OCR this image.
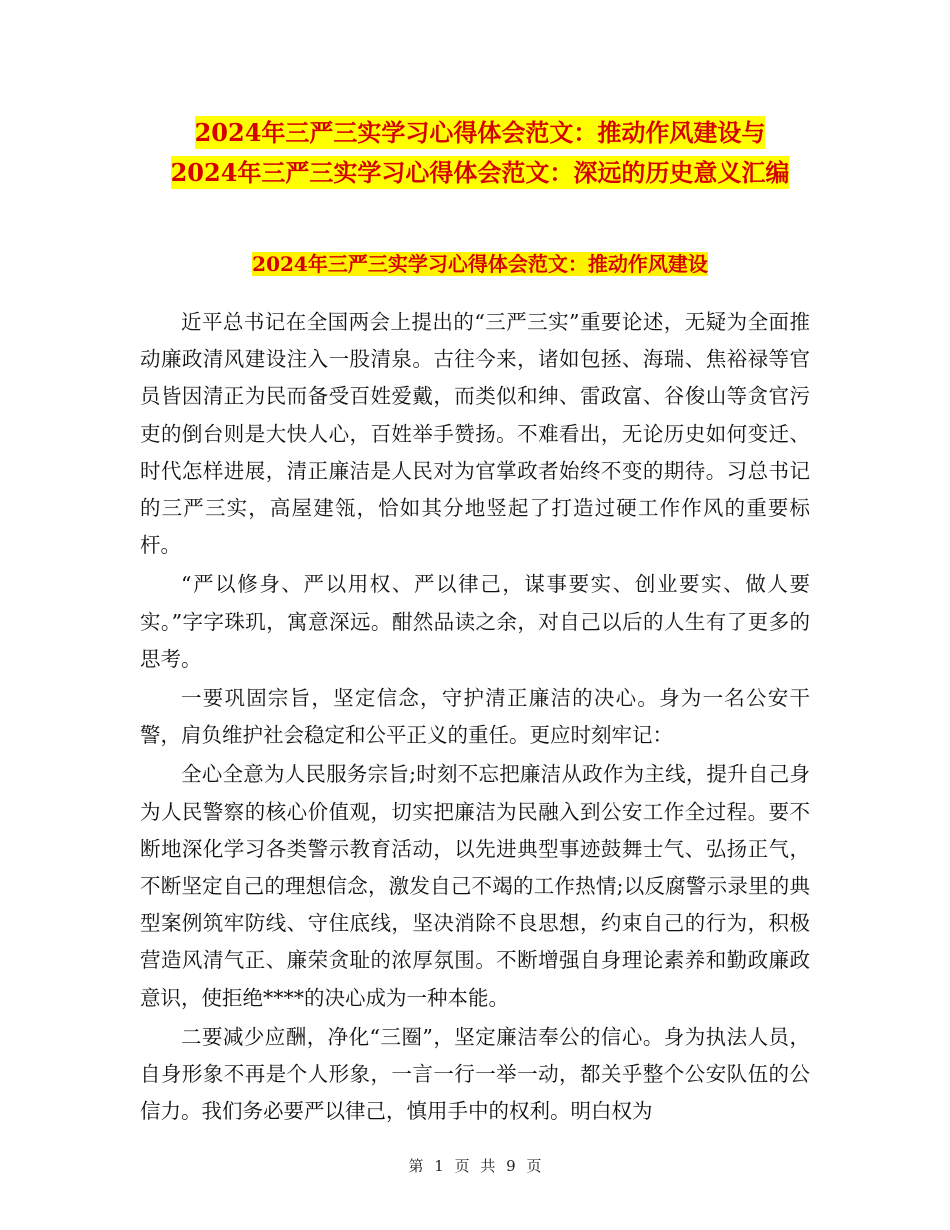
2024年三严三实学习心得体会范文：推动作风建设与
2024年三严三实学习心得体会范文：深远的历史意义汇编
2024年三严三实学习心得体会范文：推动作风建设

近平总书记在全国两会上提出的“三严三实”重要论述，无疑为全面推动廉政清风建设注入一股清泉。古往今来，诸如包拯、海瑞、焦裕禄等官员皆因清正为民而备受百姓爱戴，而类似和绅、雷政富、谷俊山等贪官污吏的倒台则是大快人心，百姓举手赞扬。不难看出，无论历史如何变迁、时代怎样进展，清正廉洁是人民对为官掌政者始终不变的期待。习总书记的三严三实，高屋建瓴，恰如其分地竖起了打造过硬工作作风的重要标杆。

“严以修身、严以用权、严以律己，谋事要实、创业要实、做人要实。”字字珠玑，寓意深远。酣然品读之余，对自己以后的人生有了更多的思考。

一要巩固宗旨，坚定信念，守护清正廉洁的决心。身为一名公安干警，肩负维护社会稳定和公平正义的重任。更应时刻牢记：

全心全意为人民服务宗旨;时刻不忘把廉洁从政作为主线，提升自己身为人民警察的核心价值观，切实把廉洁为民融入到公安工作全过程。要不断地深化学习各类警示教育活动，以先进典型事迹鼓舞士气、弘扬正气，不断坚定自己的理想信念，激发自己不竭的工作热情;以反腐警示录里的典型案例筑牢防线、守住底线，坚决消除不良思想，约束自己的行为，积极营造风清气正、廉荣贪耻的浓厚氛围。不断增强自身理论素养和勤政廉政意识，使拒绝****的决心成为一种本能。

二要减少应酬，净化“三圈”，坚定廉洁奉公的信心。身为执法人员，自身形象不再是个人形象，一言一行一举一动，都关乎整个公安队伍的公信力。我们务必要严以律己，慎用手中的权利。明白权为

第 1 页 共 9 页
